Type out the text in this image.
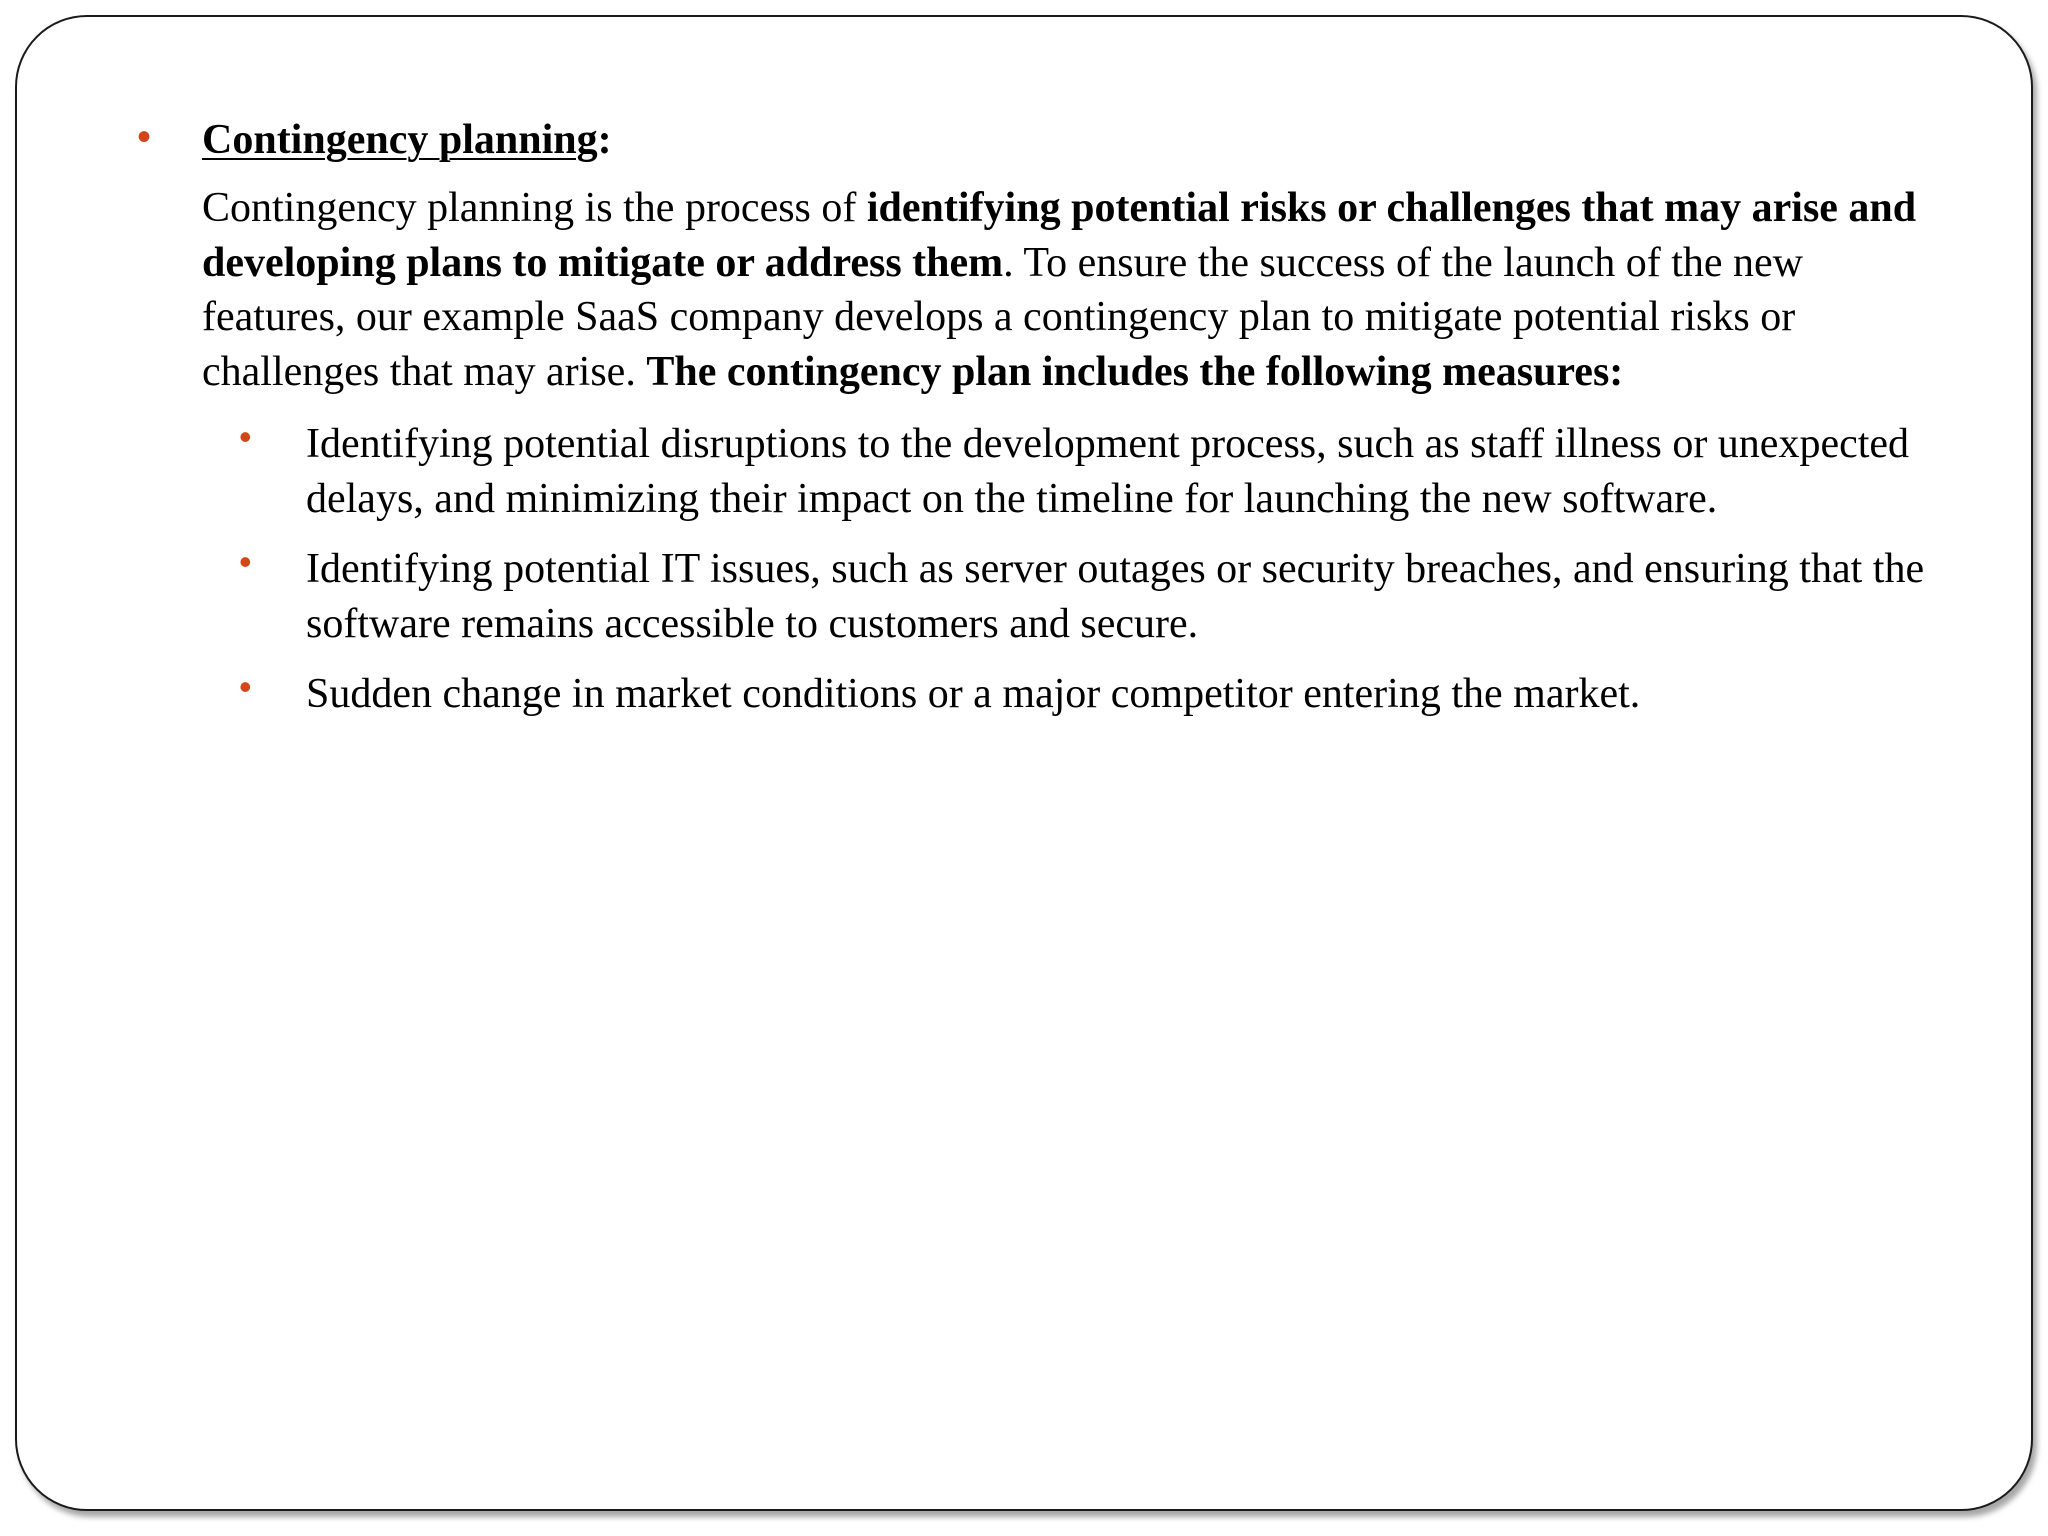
• Contingency planning:
Contingency planning is the process of identifying potential risks or challenges that may arise and developing plans to mitigate or address them. To ensure the success of the launch of the new features, our example SaaS company develops a contingency plan to mitigate potential risks or challenges that may arise. The contingency plan includes the following measures:
• Identifying potential disruptions to the development process, such as staff illness or unexpected delays, and minimizing their impact on the timeline for launching the new software.
• Identifying potential IT issues, such as server outages or security breaches, and ensuring that the software remains accessible to customers and secure.
• Sudden change in market conditions or a major competitor entering the market.
